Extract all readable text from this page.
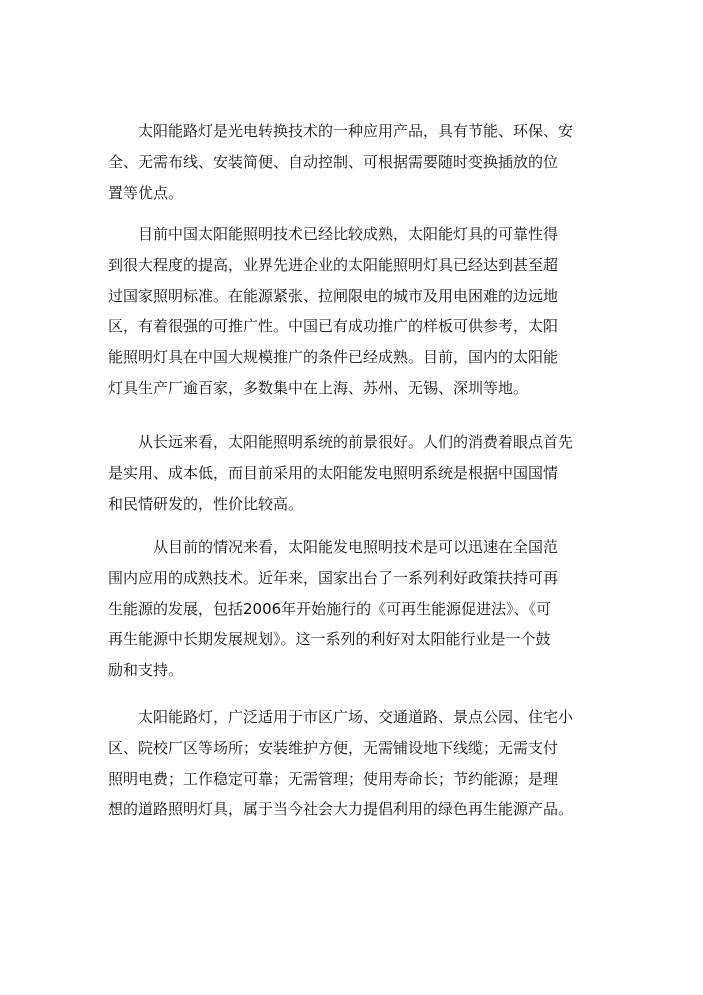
　　太阳能路灯是光电转换技术的一种应用产品，具有节能、环保、安
全、无需布线、安装简便、自动控制、可根据需要随时变换插放的位
置等优点。

　　目前中国太阳能照明技术已经比较成熟，太阳能灯具的可靠性得
到很大程度的提高，业界先进企业的太阳能照明灯具已经达到甚至超
过国家照明标准。在能源紧张、拉闸限电的城市及用电困难的边远地
区，有着很强的可推广性。中国已有成功推广的样板可供参考，太阳
能照明灯具在中国大规模推广的条件已经成熟。目前，国内的太阳能
灯具生产厂逾百家，多数集中在上海、苏州、无锡、深圳等地。

　　从长远来看，太阳能照明系统的前景很好。人们的消费着眼点首先
是实用、成本低，而目前采用的太阳能发电照明系统是根据中国国情
和民情研发的，性价比较高。

　　　从目前的情况来看，太阳能发电照明技术是可以迅速在全国范
围内应用的成熟技术。近年来，国家出台了一系列利好政策扶持可再
生能源的发展，包括2006年开始施行的《可再生能源促进法》、《可
再生能源中长期发展规划》。这一系列的利好对太阳能行业是一个鼓
励和支持。

　　太阳能路灯，广泛适用于市区广场、交通道路、景点公园、住宅小
区、院校厂区等场所；安装维护方便，无需铺设地下线缆；无需支付
照明电费；工作稳定可靠；无需管理；使用寿命长；节约能源；是理
想的道路照明灯具，属于当今社会大力提倡利用的绿色再生能源产品。
